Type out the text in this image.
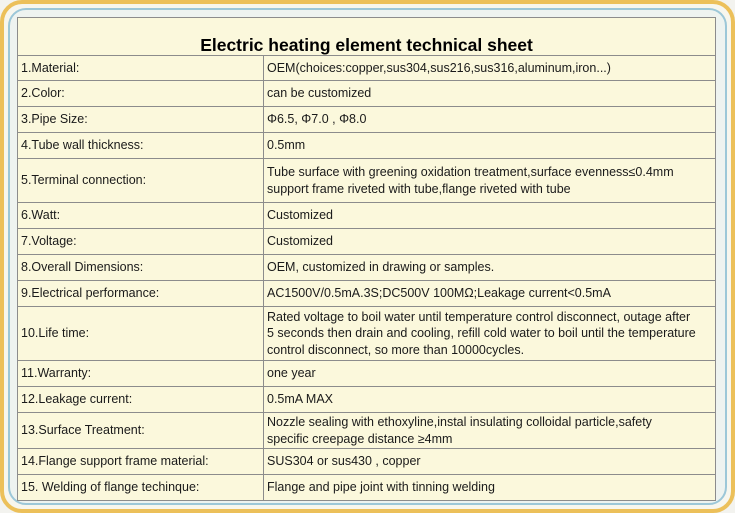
Electric heating element technical sheet	
1.Material:	OEM(choices:copper,sus304,sus216,sus316,aluminum,iron...)
2.Color:	can be customized
3.Pipe Size:	Φ6.5, Φ7.0 , Φ8.0
4.Tube wall thickness:	0.5mm
5.Terminal connection:	Tube surface with greening oxidation treatment,surface evenness≤0.4mm
support frame riveted with tube,flange riveted with tube
6.Watt:	Customized
7.Voltage:	Customized
8.Overall Dimensions:	OEM, customized in drawing or samples.
9.Electrical performance:	AC1500V/0.5mA.3S;DC500V 100MΩ;Leakage current<0.5mA
10.Life time:	Rated voltage to boil water until temperature control disconnect, outage after
5 seconds then drain and cooling, refill cold water to boil until the temperature
control disconnect, so more than 10000cycles.
11.Warranty:	one year
12.Leakage current:	0.5mA MAX
13.Surface Treatment:	Nozzle sealing with ethoxyline,instal insulating colloidal particle,safety
specific creepage distance ≥4mm
14.Flange support frame material:	SUS304 or sus430 , copper
15. Welding of flange techinque:	Flange and pipe joint with tinning welding
